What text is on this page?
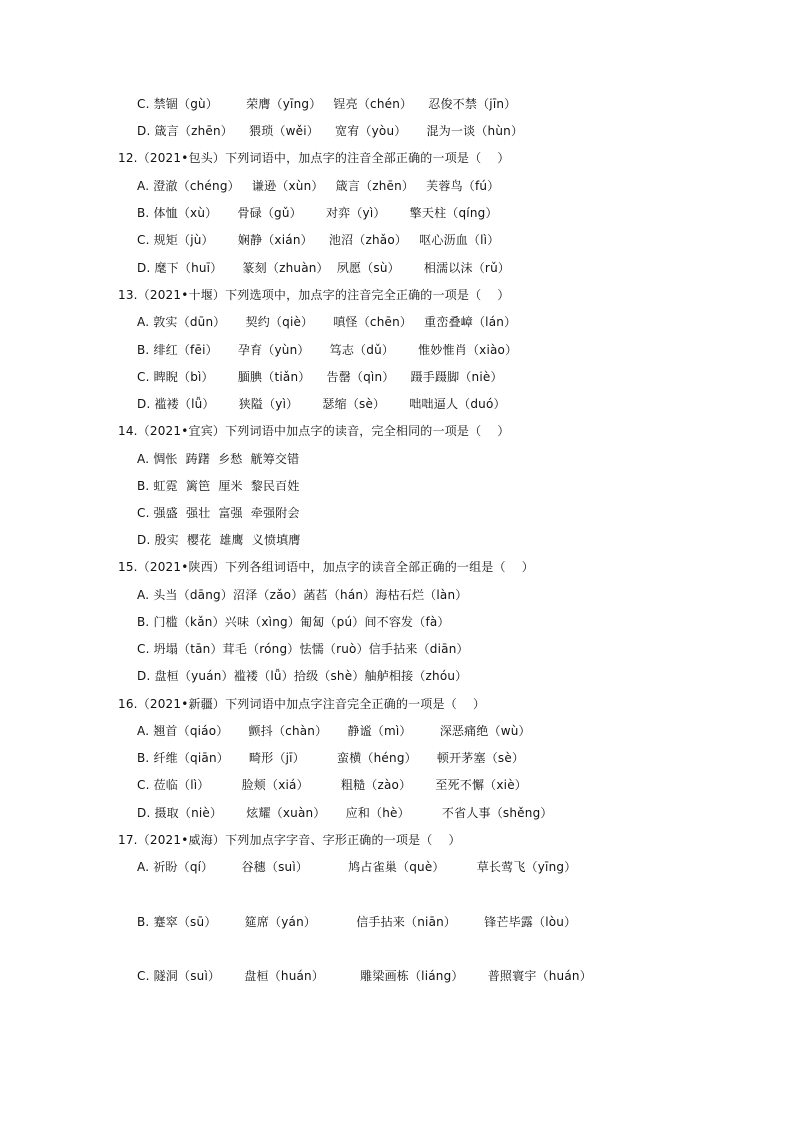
C. 禁锢（gù）       荣膺（yīng）   锃亮（chén）    忍俊不禁（jīn）
D. 箴言（zhēn）    猥琐（wěi）    宽宥（yòu）     混为一谈（hùn）
12.（2021•包头）下列词语中，加点字的注音全部正确的一项是（    ）
A. 澄澈（chéng）   谦逊（xùn）   箴言（zhēn）   芙蓉鸟（fú）
B. 体恤（xù）     骨碌（gǔ）      对弈（yì）      擎天柱（qíng）
C. 规矩（jù）      娴静（xián）    池沼（zhǎo）   呕心沥血（lì）
D. 麾下（huī）     篆刻（zhuàn）  夙愿（sù）      相濡以沫（rǔ）
13.（2021•十堰）下列选项中，加点字的注音完全正确的一项是（    ）
A. 敦实（dūn）     契约（qiè）     嗔怪（chēn）   重峦叠嶂（lán）
B. 绯红（fēi）     孕育（yùn）     笃志（dǔ）      惟妙惟肖（xiào）
C. 睥睨（bì）      腼腆（tiǎn）    告罄（qìn）    蹑手蹑脚（niè）
D. 褴褛（lǚ）      狭隘（yì）      瑟缩（sè）      咄咄逼人（duó）
14.（2021•宜宾）下列词语中加点字的读音，完全相同的一项是（    ）
A. 惆怅  踌躇  乡愁  觥筹交错
B. 虹霓  篱笆  厘米  黎民百姓
C. 强盛  强壮  富强  牵强附会
D. 殷实  樱花  雄鹰  义愤填膺
15.（2021•陕西）下列各组词语中，加点字的读音全部正确的一组是（    ）
A. 头当（dāng）沼泽（zǎo）菡萏（hán）海枯石烂（làn）
B. 门槛（kǎn）兴味（xìng）匍匐（pú）间不容发（fà）
C. 坍塌（tān）茸毛（róng）怯懦（ruò）信手拈来（diān）
D. 盘桓（yuán）褴褛（lǚ）拾级（shè）舳舻相接（zhóu）
16.（2021•新疆）下列词语中加点字注音完全正确的一项是（    ）
A. 翘首（qiáo）     颤抖（chàn）     静谧（mì）       深恶痛绝（wù）
B. 纤维（qiān）     畸形（jī）        蛮横（héng）     顿开茅塞（sè）
C. 莅临（lì）        脸颊（xiá）        粗糙（zào）      至死不懈（xiè）
D. 摄取（niè）      炫耀（xuàn）     应和（hè）        不省人事（shěng）
17.（2021•威海）下列加点字字音、字形正确的一项是（    ）
A. 祈盼（qí）       谷穗（suì）          鸠占雀巢（què）        草长莺飞（yīng）
B. 蹇窣（sū）       筵席（yán）          信手拈来（niān）       锋芒毕露（lòu）
C. 隧洞（suì）      盘桓（huán）         雕梁画栋（liáng）      普照寰宇（huán）
